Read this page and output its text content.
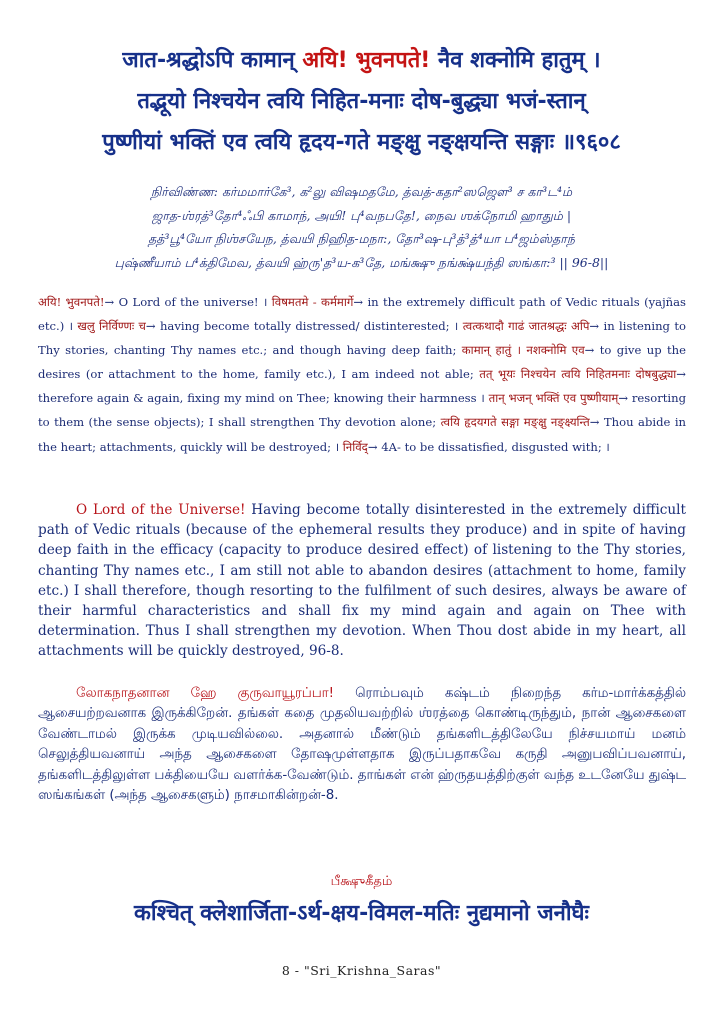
जात-श्रद्धोऽपि कामान् अयि! भुवनपते! नैव शक्नोमि हातुम् ।

तद्भूयो निश्चयेन त्वयि निहित-मनाः दोष-बुद्ध्या भजं-स्तान्

पुष्णीयां भक्तिं एव त्वयि हृदय-गते मङ्क्षु नङ्क्षयन्ति सङ्गाः ॥९६०८

நிர்விண்ண: கர்மமார்கே³, க²லு விஷமதமே, த்வத்-கதா²ஸஜௌ³ ச கா³ட⁴ம்
ஜாத-ஶ்ரத்³தோ⁴ஃபி காமாந், அயி! பு⁴வநபதே!, நைவ ஶக்நோமி ஹாதும் |
தத்³பூ⁴யோ நிஶ்சயேந, த்வயி நிஹித-மநா:, தோ³ஷ-பு³த்³த்⁴யா ப⁴ஜம்ஸ்தாந்
புஷ்ணீயாம் ப⁴க்திமேவ, த்வயி ஹ்ரு'த³ய-க³தே, மங்க்ஷு நங்க்ஷ்யந்தி ஸங்கா:³ || 96-8||
अयि! भुवनपते!→ O Lord of the universe! । विषमतमे - कर्ममार्गे→ in the extremely difficult path of Vedic rituals (yajñas etc.) । खलु निर्विण्णः च→ having become totally distressed/ distinterested; । त्वत्कथादौ गाढं जातश्रद्धः अपि→ in listening to Thy stories, chanting Thy names etc.; and though having deep faith; कामान् हातुं । नशक्नोमि एव→ to give up the desires (or attachment to the home, family etc.), I am indeed not able; तत् भूयः निश्चयेन त्वयि निहितमनाः दोषबुद्ध्या→ therefore again & again, fixing my mind on Thee; knowing their harmness । तान् भजन् भक्तिं एव पुष्णीयाम्→ resorting to them (the sense objects); I shall strengthen Thy devotion alone; त्वयि हृदयगते सङ्गा मङ्क्षु नङ्क्ष्यन्ति→ Thou abide in the heart; attachments, quickly will be destroyed; । निर्विद्→ 4A- to be dissatisfied, disgusted with; ।
O Lord of the Universe! Having become totally disinterested in the extremely difficult path of Vedic rituals (because of the ephemeral results they produce) and in spite of having deep faith in the efficacy (capacity to produce desired effect) of listening to the Thy stories, chanting Thy names etc., I am still not able to abandon desires (attachment to home, family etc.) I shall therefore, though resorting to the fulfilment of such desires, always be aware of their harmful characteristics and shall fix my mind again and again on Thee with determination. Thus I shall strengthen my devotion. When Thou dost abide in my heart, all attachments will be quickly destroyed, 96-8.
லோகநாதனான ஹே குருவாயூரப்பா! ரொம்பவும் கஷ்டம் நிறைந்த கர்ம-மார்க்கத்தில் ஆசையற்றவனாக இருக்கிறேன். தங்கள் கதை முதலியவற்றில் ஶ்ரத்தை கொண்டிருந்தும், நான் ஆசைகளை வேண்டாமல் இருக்க முடியவில்லை. அதனால் மீண்டும் தங்களிடத்திலேயே நிச்சயமாய் மனம் செலுத்தியவனாய் அந்த ஆசைகளை தோஷமுள்ளதாக இருப்பதாகவே கருதி அனுபவிப்பவனாய், தங்களிடத்திலுள்ள பக்தியையே வளர்க்க-வேண்டும். தாங்கள் என் ஹ்ருதயத்திற்குள் வந்த உடனேயே துஷ்ட ஸங்கங்கள் (அந்த ஆசைகளும்) நாசமாகின்றன்-8.
பீக்ஷுகீதம்
कश्चित् क्लेशार्जिता-ऽर्थ-क्षय-विमल-मतिः नुद्यमानो जनौघैः
8 - "Sri_Krishna_Saras"
